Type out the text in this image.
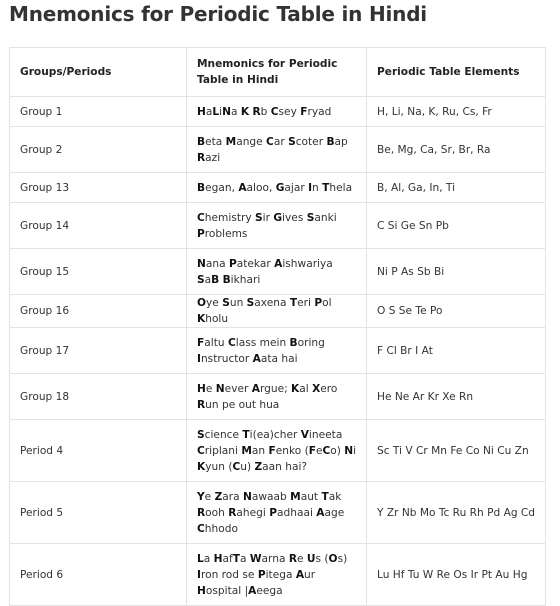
Mnemonics for Periodic Table in Hindi
Groups/Periods	Mnemonics for Periodic Table in Hindi	Periodic Table Elements
Group 1	HaLiNa K Rb Csey Fryad	H, Li, Na, K, Ru, Cs, Fr
Group 2	Beta Mange Car Scoter Bap Razi	Be, Mg, Ca, Sr, Br, Ra
Group 13	Began, Aaloo, Gajar In Thela	B, Al, Ga, In, Ti
Group 14	Chemistry Sir Gives Sanki Problems	C Si Ge Sn Pb
Group 15	Nana Patekar Aishwariya SaB Bikhari	Ni P As Sb Bi
Group 16	Oye Sun Saxena Teri Pol Kholu	O S Se Te Po
Group 17	Faltu Class mein Boring Instructor Aata hai	F Cl Br I At
Group 18	He Never Argue; Kal Xero Run pe out hua	He Ne Ar Kr Xe Rn
Period 4	Science Ti(ea)cher Vineeta Criplani Man Fenko (FeCo) Ni Kyun (Cu) Zaan hai?	Sc Ti V Cr Mn Fe Co Ni Cu Zn
Period 5	Ye Zara Nawaab Maut Tak Rooh Rahegi Padhaai Aage Chhodo	Y Zr Nb Mo Tc Ru Rh Pd Ag Cd
Period 6	La HafTa Warna Re Us (Os) Iron rod se Pitega Aur Hospital |Aeega	Lu Hf Tu W Re Os Ir Pt Au Hg
